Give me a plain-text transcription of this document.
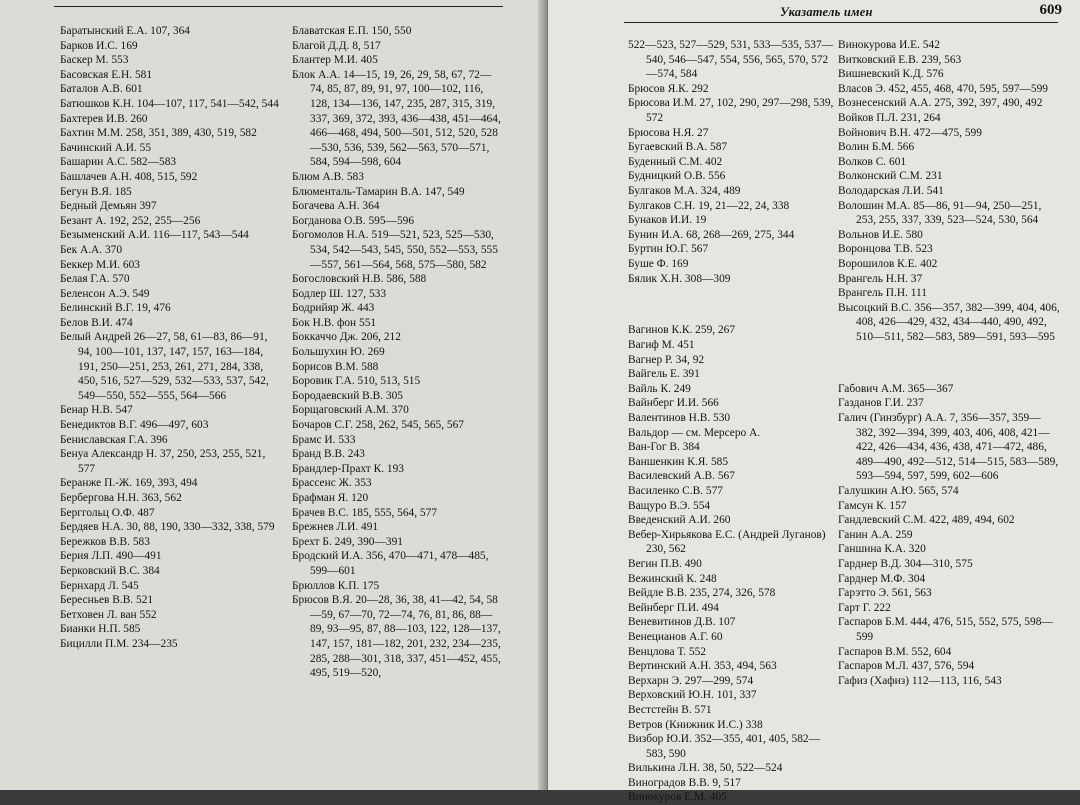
Баратынский Е.А. 107, 364

Барков И.С. 169

Баскер М. 553

Басовская Е.Н. 581

Баталов А.В. 601

Батюшков К.Н. 104—107, 117, 541—542, 544

Бахтерев И.В. 260

Бахтин М.М. 258, 351, 389, 430, 519, 582

Бачинский А.И. 55

Башарин А.С. 582—583

Башлачев А.Н. 408, 515, 592

Бегун В.Я. 185

Бедный Демьян 397

Безант А. 192, 252, 255—256

Безыменский А.И. 116—117, 543—544

Бек А.А. 370

Беккер М.И. 603

Белая Г.А. 570

Беленсон А.Э. 549

Белинский В.Г. 19, 476

Белов В.И. 474

Белый Андрей 26—27, 58, 61—83, 86—91, 94, 100—101, 137, 147, 157, 163—184, 191, 250—251, 253, 261, 271, 284, 338, 450, 516, 527—529, 532—533, 537, 542, 549—550, 552—555, 564—566

Бенар Н.В. 547

Бенедиктов В.Г. 496—497, 603

Бениславская Г.А. 396

Бенуа Александр Н. 37, 250, 253, 255, 521, 577

Беранже П.-Ж. 169, 393, 494

Бербергова Н.Н. 363, 562

Берггольц О.Ф. 487

Бердяев Н.А. 30, 88, 190, 330—332, 338, 579

Бережков В.В. 583

Берия Л.П. 490—491

Берковский В.С. 384

Бернхард Л. 545

Бересньев В.В. 521

Бетховен Л. ван 552

Бианки Н.П. 585

Бицилли П.М. 234—235

Блаватская Е.П. 150, 550

Благой Д.Д. 8, 517

Блантер М.И. 405

Блок А.А. 14—15, 19, 26, 29, 58, 67, 72—74, 85, 87, 89, 91, 97, 100—102, 116, 128, 134—136, 147, 235, 287, 315, 319, 337, 369, 372, 393, 436—438, 451—464, 466—468, 494, 500—501, 512, 520, 528—530, 536, 539, 562—563, 570—571, 584, 594—598, 604

Блюм А.В. 583

Блюменталь-Тамарин В.А. 147, 549

Богачева А.Н. 364

Богданова О.В. 595—596

Богомолов Н.А. 519—521, 523, 525—530, 534, 542—543, 545, 550, 552—553, 555—557, 561—564, 568, 575—580, 582

Богословский Н.В. 586, 588

Бодлер Ш. 127, 533

Бодрийяр Ж. 443

Бок Н.В. фон 551

Боккаччо Дж. 206, 212

Большухин Ю. 269

Борисов В.М. 588

Боровик Г.А. 510, 513, 515

Бородаевский В.В. 305

Борщаговский А.М. 370

Бочаров С.Г. 258, 262, 545, 565, 567

Брамс И. 533

Бранд В.В. 243

Брандлер-Прахт К. 193

Брассенс Ж. 353

Брафман Я. 120

Брачев В.С. 185, 555, 564, 577

Брежнев Л.И. 491

Брехт Б. 249, 390—391

Бродский И.А. 356, 470—471, 478—485, 599—601

Брюллов К.П. 175

Брюсов В.Я. 20—28, 36, 38, 41—42, 54, 58—59, 67—70, 72—74, 76, 81, 86, 88—89, 93—95, 87, 88—103, 122, 128—137, 147, 157, 181—182, 201, 232, 234—235, 285, 288—301, 318, 337, 451—452, 455, 495, 519—520,

Указатель имен	609

522—523, 527—529, 531, 533—535, 537—540, 546—547, 554, 556, 565, 570, 572—574, 584

Брюсов Я.К. 292

Брюсова И.М. 27, 102, 290, 297—298, 539, 572

Брюсова Н.Я. 27

Бугаевский В.А. 587

Буденный С.М. 402

Будницкий О.В. 556

Булгаков М.А. 324, 489

Булгаков С.Н. 19, 21—22, 24, 338

Бунаков И.И. 19

Бунин И.А. 68, 268—269, 275, 344

Буртин Ю.Г. 567

Буше Ф. 169

Бялик Х.Н. 308—309

Вагинов К.К. 259, 267

Вагиф М. 451

Вагнер Р. 34, 92

Вайгель Е. 391

Вайль К. 249

Вайнберг И.И. 566

Валентинов Н.В. 530

Вальдор — см. Мерсеро А.

Ван-Гог В. 384

Ваншенкин К.Я. 585

Василевский А.В. 567

Василенко С.В. 577

Ващуро В.Э. 554

Введенский А.И. 260

Вебер-Хирьякова Е.С. (Андрей Луганов) 230, 562

Вегин П.В. 490

Вежинский К. 248

Вейдле В.В. 235, 274, 326, 578

Вейнберг П.И. 494

Веневитинов Д.В. 107

Венецианов А.Г. 60

Венцлова Т. 552

Вертинский А.Н. 353, 494, 563

Верхарн Э. 297—299, 574

Верховский Ю.Н. 101, 337

Вестстейн В. 571

Ветров (Книжник И.С.) 338

Визбор Ю.И. 352—355, 401, 405, 582—583, 590

Вилькина Л.Н. 38, 50, 522—524

Виноградов В.В. 9, 517

Винокуров Е.М. 405

Винокурова И.Е. 542

Витковский Е.В. 239, 563

Вишневский К.Д. 576

Власов Э. 452, 455, 468, 470, 595, 597—599

Вознесенский А.А. 275, 392, 397, 490, 492

Войков П.Л. 231, 264

Войнович В.Н. 472—475, 599

Волин Б.М. 566

Волков С. 601

Волконский С.М. 231

Володарская Л.И. 541

Волошин М.А. 85—86, 91—94, 250—251, 253, 255, 337, 339, 523—524, 530, 564

Вольнов И.Е. 580

Воронцова Т.В. 523

Ворошилов К.Е. 402

Врангель Н.Н. 37

Врангель П.Н. 111

Высоцкий В.С. 356—357, 382—399, 404, 406, 408, 426—429, 432, 434—440, 490, 492, 510—511, 582—583, 589—591, 593—595

Габович А.М. 365—367

Газданов Г.И. 237

Галич (Гинзбург) А.А. 7, 356—357, 359—382, 392—394, 399, 403, 406, 408, 421—422, 426—434, 436, 438, 471—472, 486, 489—490, 492—512, 514—515, 583—589, 593—594, 597, 599, 602—606

Галушкин А.Ю. 565, 574

Гамсун К. 157

Гандлевский С.М. 422, 489, 494, 602

Ганин А.А. 259

Ганшина К.А. 320

Гарднер В.Д. 304—310, 575

Гарднер М.Ф. 304

Гарэтто Э. 561, 563

Гарт Г. 222

Гаспаров Б.М. 444, 476, 515, 552, 575, 598—599

Гаспаров В.М. 552, 604

Гаспаров М.Л. 437, 576, 594

Гафиз (Хафиз) 112—113, 116, 543
